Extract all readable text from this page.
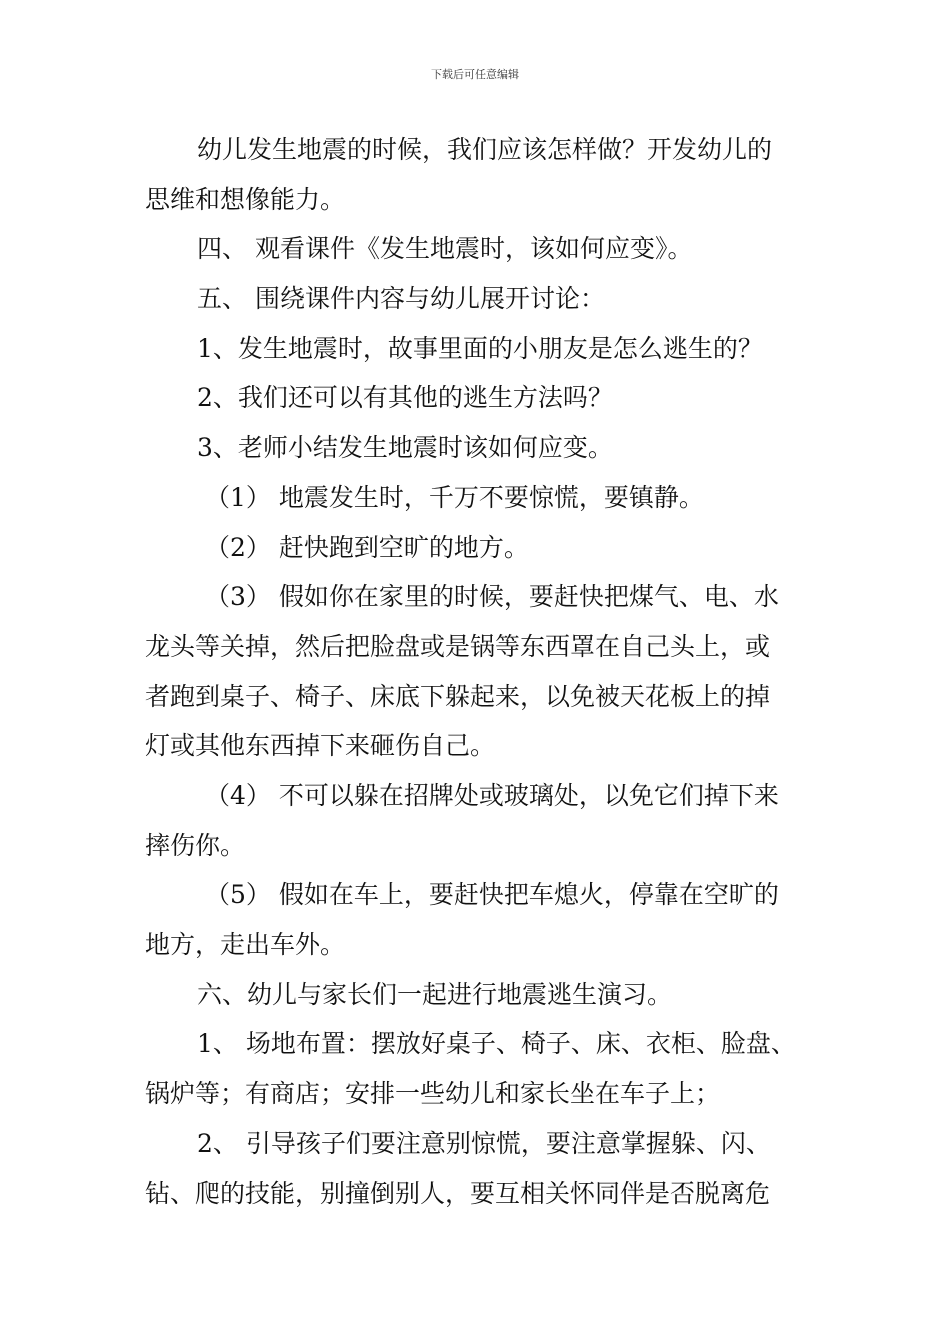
下载后可任意编辑
幼儿发生地震的时候，我们应该怎样做？开发幼儿的
思维和想像能力。
四、 观看课件《发生地震时，该如何应变》。
五、 围绕课件内容与幼儿展开讨论：
1、发生地震时，故事里面的小朋友是怎么逃生的？
2、我们还可以有其他的逃生方法吗？
3、老师小结发生地震时该如何应变。
（1） 地震发生时，千万不要惊慌，要镇静。
（2） 赶快跑到空旷的地方。
（3） 假如你在家里的时候，要赶快把煤气、电、水
龙头等关掉，然后把脸盘或是锅等东西罩在自己头上，或
者跑到桌子、椅子、床底下躲起来，以免被天花板上的掉
灯或其他东西掉下来砸伤自己。
（4） 不可以躲在招牌处或玻璃处，以免它们掉下来
摔伤你。
（5） 假如在车上，要赶快把车熄火，停靠在空旷的
地方，走出车外。
六、幼儿与家长们一起进行地震逃生演习。
1、 场地布置：摆放好桌子、椅子、床、衣柜、脸盘、
锅炉等；有商店；安排一些幼儿和家长坐在车子上；
2、 引导孩子们要注意别惊慌，要注意掌握躲、闪、
钻、爬的技能，别撞倒别人，要互相关怀同伴是否脱离危
